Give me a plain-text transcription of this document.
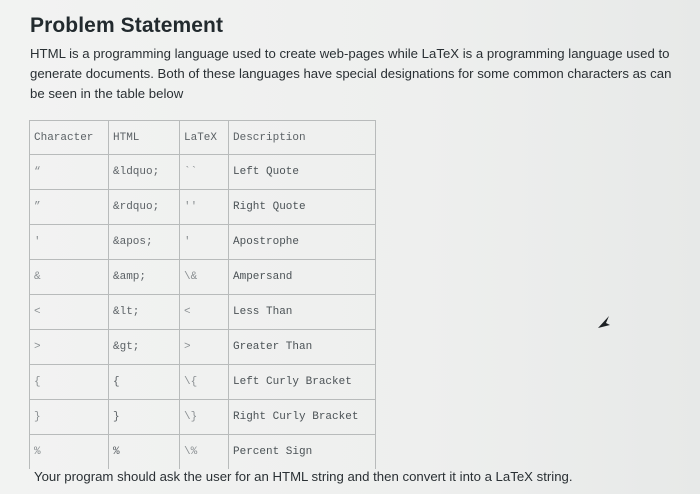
Problem Statement
HTML is a programming language used to create web-pages while LaTeX is a programming language used to generate documents. Both of these languages have special designations for some common characters as can be seen in the table below
Character	HTML	LaTeX	Description
“	&ldquo;	``	Left Quote
”	&rdquo;	''	Right Quote
'	&apos;	'	Apostrophe
&	&amp;	\&	Ampersand
<	&lt;	<	Less Than
>	&gt;	>	Greater Than
{	{	\{	Left Curly Bracket
}	}	\}	Right Curly Bracket
%	%	\%	Percent Sign
Your program should ask the user for an HTML string and then convert it into a LaTeX string.
